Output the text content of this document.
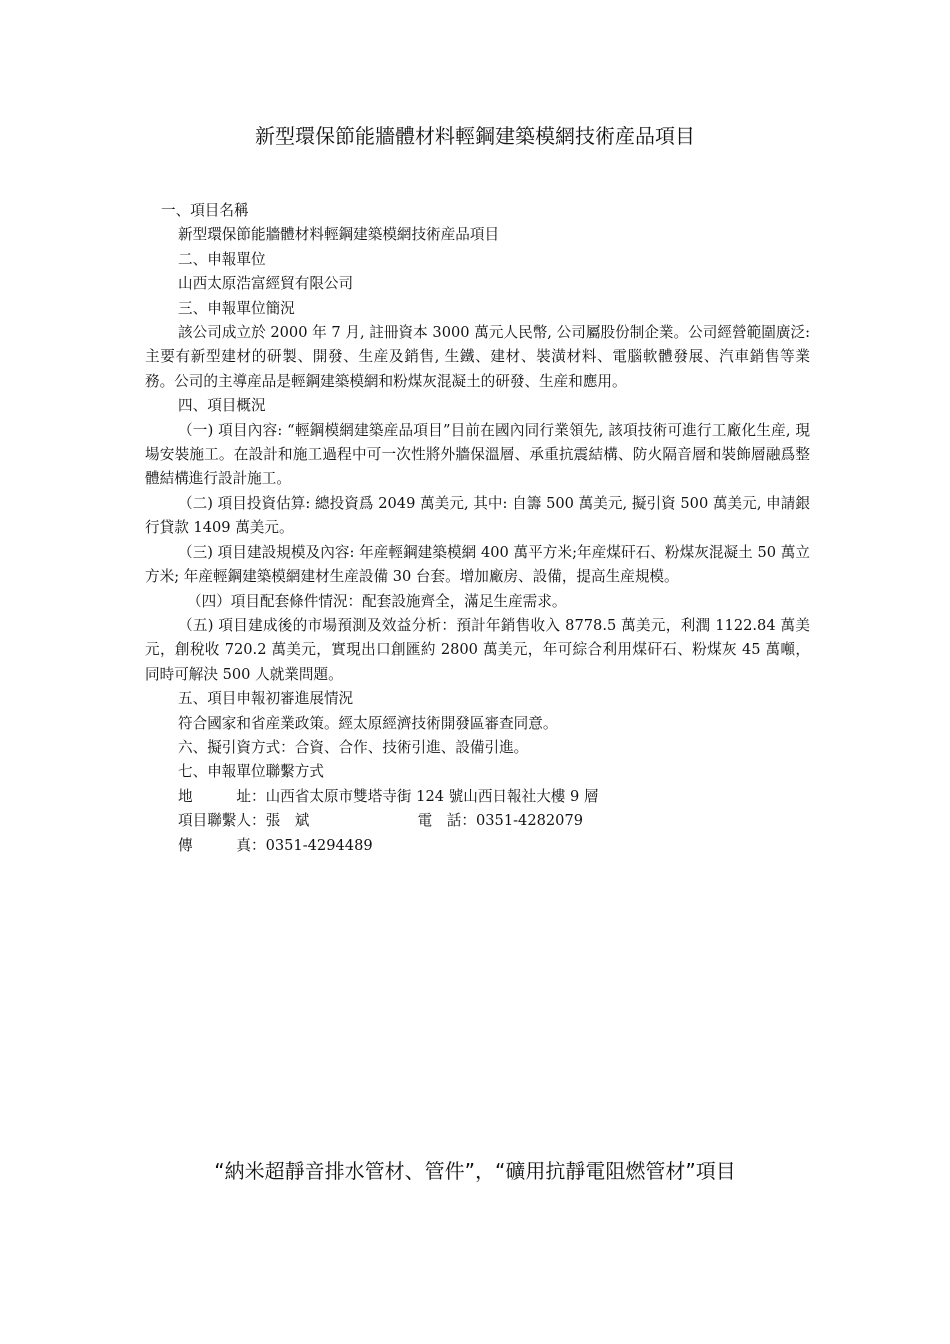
新型環保節能牆體材料輕鋼建築模網技術産品項目

一、項目名稱

新型環保節能牆體材料輕鋼建築模網技術産品項目

二、申報單位

山西太原浩富經貿有限公司

三、申報單位簡況

該公司成立於 2000 年 7 月, 註冊資本 3000 萬元人民幣, 公司屬股份制企業。公司經營範圍廣泛: 主要有新型建材的研製、開發、生産及銷售, 生鐵、建材、裝潢材料、電腦軟體發展、汽車銷售等業務。公司的主導産品是輕鋼建築模網和粉煤灰混凝土的研發、生産和應用。

四、項目概況

（一) 項目內容: “輕鋼模網建築産品項目”目前在國內同行業領先, 該項技術可進行工廠化生産, 現場安裝施工。在設計和施工過程中可一次性將外牆保溫層、承重抗震結構、防火隔音層和裝飾層融爲整體結構進行設計施工。

（二) 項目投資估算: 總投資爲 2049 萬美元, 其中: 自籌 500 萬美元, 擬引資 500 萬美元, 申請銀行貸款 1409 萬美元。

（三) 項目建設規模及內容: 年産輕鋼建築模網 400 萬平方米;年産煤矸石、粉煤灰混凝土 50 萬立方米; 年産輕鋼建築模網建材生産設備 30 台套。增加廠房、設備，提高生産規模。

（四）項目配套條件情況：配套設施齊全，滿足生産需求。

（五) 項目建成後的市場預測及效益分析：預計年銷售收入 8778.5 萬美元，利潤 1122.84 萬美元，創稅收 720.2 萬美元，實現出口創匯約 2800 萬美元，年可綜合利用煤矸石、粉煤灰 45 萬噸，同時可解決 500 人就業問題。

五、項目申報初審進展情況

符合國家和省産業政策。經太原經濟技術開發區審查同意。

六、擬引資方式：合資、合作、技術引進、設備引進。

七、申報單位聯繫方式

地　　　址： 山西省太原市雙塔寺街 124 號山西日報社大樓 9 層

項目聯繫人： 張　斌	電　話： 0351-4282079

傳　　　真： 0351-4294489

“納米超靜音排水管材、管件”，“礦用抗靜電阻燃管材”項目
